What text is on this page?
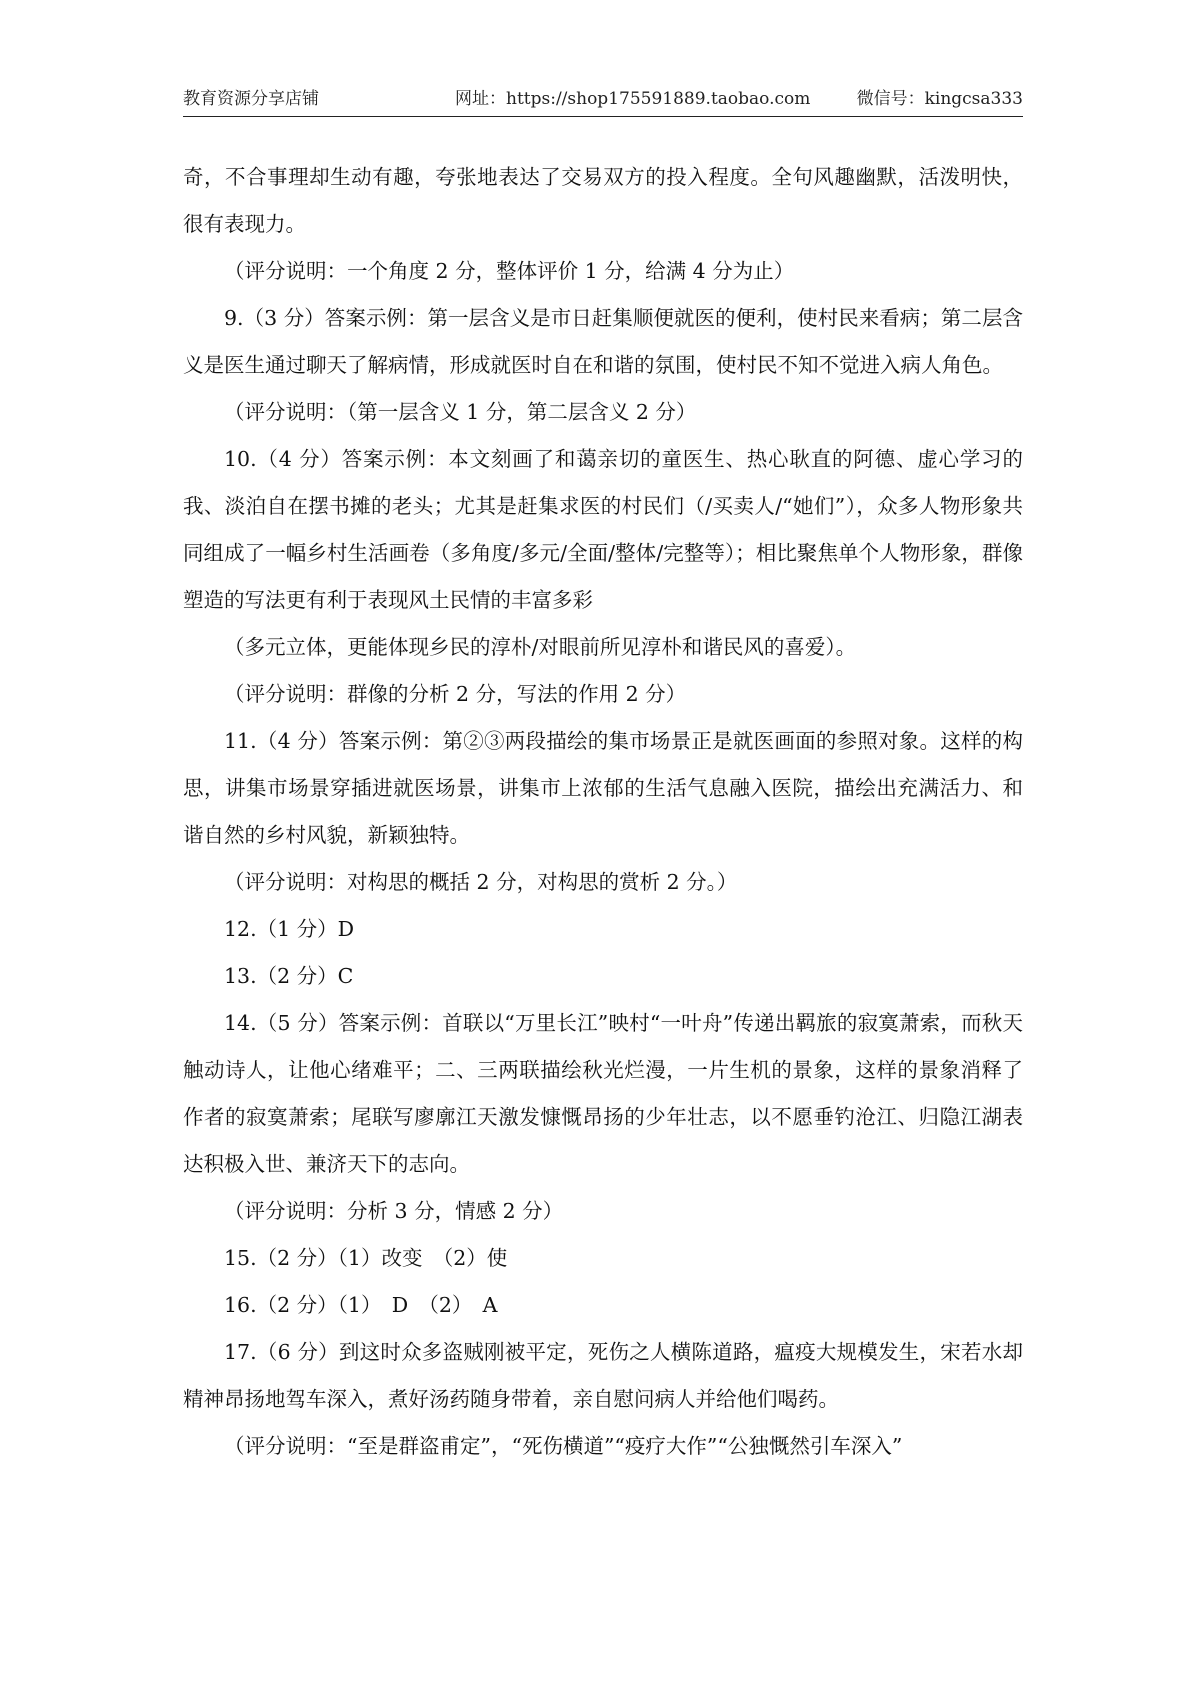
教育资源分享店铺	网址：https://shop175591889.taobao.com	微信号：kingcsa333

奇，不合事理却生动有趣，夸张地表达了交易双方的投入程度。全句风趣幽默，活泼明快，很有表现力。

（评分说明：一个角度 2 分，整体评价 1 分，给满 4 分为止）

9.（3 分）答案示例：第一层含义是市日赶集顺便就医的便利，使村民来看病；第二层含义是医生通过聊天了解病情，形成就医时自在和谐的氛围，使村民不知不觉进入病人角色。

（评分说明：（第一层含义 1 分，第二层含义 2 分）

10.（4 分）答案示例：本文刻画了和蔼亲切的童医生、热心耿直的阿德、虚心学习的我、淡泊自在摆书摊的老头；尤其是赶集求医的村民们（/买卖人/“她们”），众多人物形象共同组成了一幅乡村生活画卷（多角度/多元/全面/整体/完整等）；相比聚焦单个人物形象，群像塑造的写法更有利于表现风土民情的丰富多彩

（多元立体，更能体现乡民的淳朴/对眼前所见淳朴和谐民风的喜爱）。

（评分说明：群像的分析 2 分，写法的作用 2 分）

11.（4 分）答案示例：第②③两段描绘的集市场景正是就医画面的参照对象。这样的构思，讲集市场景穿插进就医场景，讲集市上浓郁的生活气息融入医院，描绘出充满活力、和谐自然的乡村风貌，新颖独特。

（评分说明：对构思的概括 2 分，对构思的赏析 2 分。）

12.（1 分）D

13.（2 分）C

14.（5 分）答案示例：首联以“万里长江”映村“一叶舟”传递出羁旅的寂寞萧索，而秋天触动诗人，让他心绪难平；二、三两联描绘秋光烂漫，一片生机的景象，这样的景象消释了作者的寂寞萧索；尾联写廖廓江天激发慷慨昂扬的少年壮志，以不愿垂钓沧江、归隐江湖表达积极入世、兼济天下的志向。

（评分说明：分析 3 分，情感 2 分）

15.（2 分）（1）改变　（2）使

16.（2 分）（1）　D　（2）　A

17.（6 分）到这时众多盗贼刚被平定，死伤之人横陈道路，瘟疫大规模发生，宋若水却精神昂扬地驾车深入，煮好汤药随身带着，亲自慰问病人并给他们喝药。

（评分说明：“至是群盗甫定”，“死伤横道”“疫疗大作”“公独慨然引车深入”
